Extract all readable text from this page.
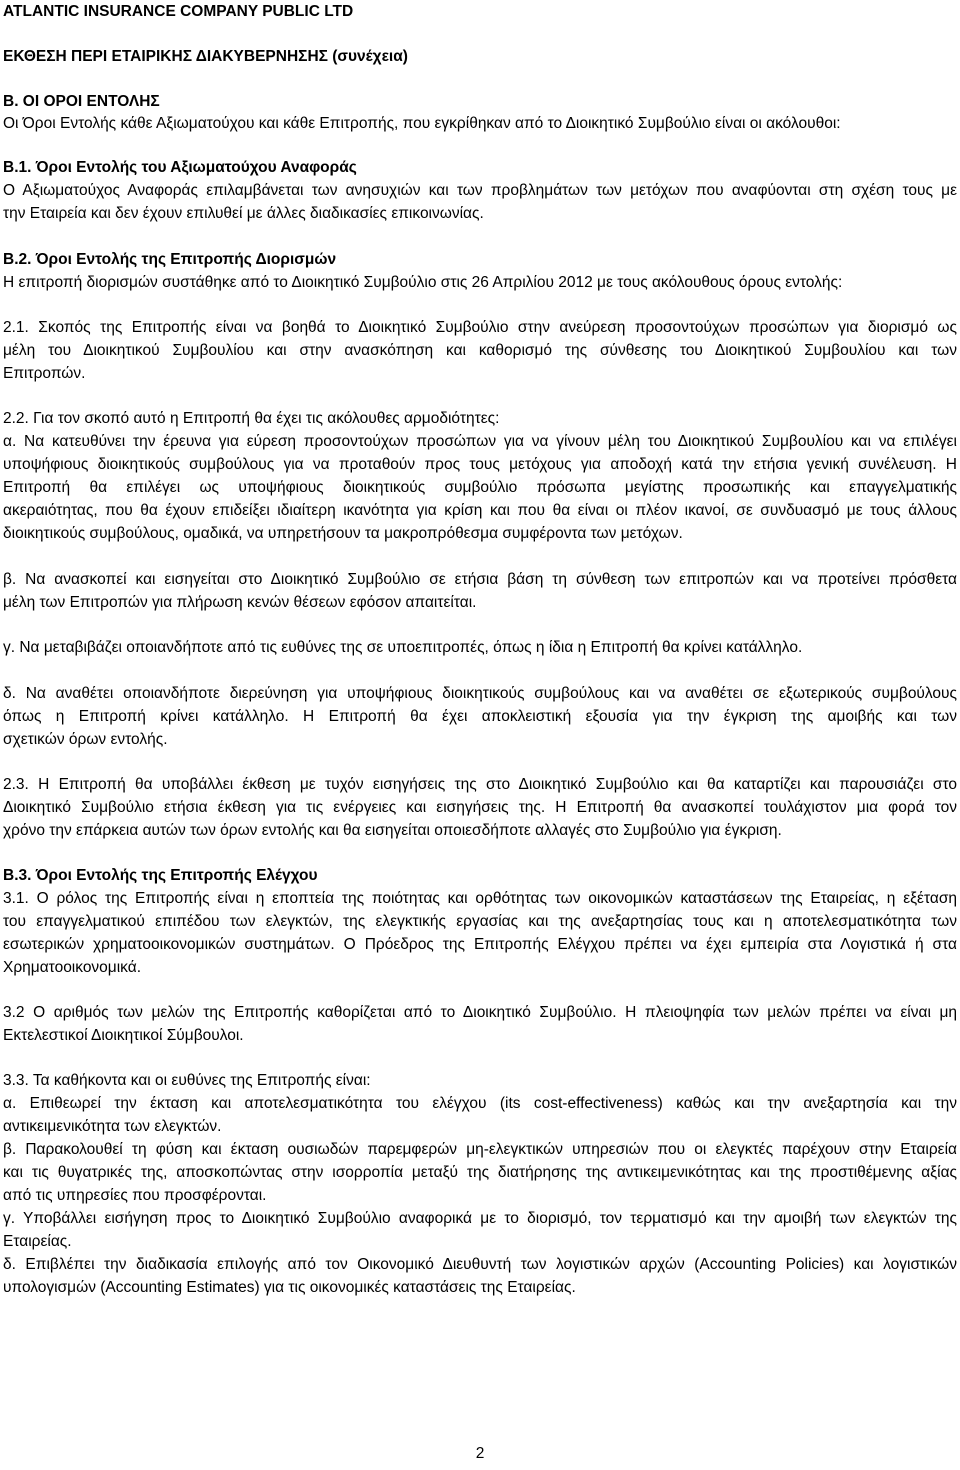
ATLANTIC INSURANCE COMPANY PUBLIC LTD
ΕΚΘΕΣΗ ΠΕΡΙ ΕΤΑΙΡΙΚΗΣ ΔΙΑΚΥΒΕΡΝΗΣΗΣ (συνέχεια)
Β. ΟΙ ΟΡΟΙ ΕΝΤΟΛΗΣ
Οι Όροι Εντολής κάθε Αξιωματούχου και κάθε Επιτροπής, που εγκρίθηκαν από το Διοικητικό Συμβούλιο είναι οι ακόλουθοι:
Β.1. Όροι Εντολής του Αξιωματούχου Αναφοράς
Ο Αξιωματούχος Αναφοράς επιλαμβάνεται των ανησυχιών και των προβλημάτων των μετόχων που αναφύονται στη σχέση τους με
την Εταιρεία και δεν έχουν επιλυθεί με άλλες διαδικασίες επικοινωνίας.
Β.2. Όροι Εντολής της Επιτροπής Διορισμών
Η επιτροπή διορισμών συστάθηκε από το Διοικητικό Συμβούλιο στις 26 Απριλίου 2012 με τους ακόλουθους όρους εντολής:
2.1. Σκοπός της Επιτροπής είναι να βοηθά το Διοικητικό Συμβούλιο στην ανεύρεση προσοντούχων προσώπων για διορισμό ως
μέλη του Διοικητικού Συμβουλίου και στην ανασκόπηση και καθορισμό της σύνθεσης του Διοικητικού Συμβουλίου και των
Επιτροπών.
2.2. Για τον σκοπό αυτό η Επιτροπή θα έχει τις ακόλουθες αρμοδιότητες:
α. Να κατευθύνει την έρευνα για εύρεση προσοντούχων προσώπων για να γίνουν μέλη του Διοικητικού Συμβουλίου και να επιλέγει
υποψήφιους διοικητικούς συμβούλους για να προταθούν προς τους μετόχους για αποδοχή κατά την ετήσια γενική συνέλευση. Η
Επιτροπή θα επιλέγει ως υποψήφιους διοικητικούς συμβούλιο πρόσωπα μεγίστης προσωπικής και επαγγελματικής
ακεραιότητας, που θα έχουν επιδείξει ιδιαίτερη ικανότητα για κρίση και που θα είναι οι πλέον ικανοί, σε συνδυασμό με τους άλλους
διοικητικούς συμβούλους, ομαδικά, να υπηρετήσουν τα μακροπρόθεσμα συμφέροντα των μετόχων.
β. Να ανασκοπεί και εισηγείται στο Διοικητικό Συμβούλιο σε ετήσια βάση τη σύνθεση των επιτροπών και να προτείνει πρόσθετα
μέλη των Επιτροπών για πλήρωση κενών θέσεων εφόσον απαιτείται.
γ. Να μεταβιβάζει οποιανδήποτε από τις ευθύνες της σε υποεπιτροπές, όπως η ίδια η Επιτροπή θα κρίνει κατάλληλο.
δ. Να αναθέτει οποιανδήποτε διερεύνηση για υποψήφιους διοικητικούς συμβούλους και να αναθέτει σε εξωτερικούς συμβούλους
όπως η Επιτροπή κρίνει κατάλληλο. Η Επιτροπή θα έχει αποκλειστική εξουσία για την έγκριση της αμοιβής και των
σχετικών όρων εντολής.
2.3. Η Επιτροπή θα υποβάλλει έκθεση με τυχόν εισηγήσεις της στο Διοικητικό Συμβούλιο και θα καταρτίζει και παρουσιάζει στο
Διοικητικό Συμβούλιο ετήσια έκθεση για τις ενέργειες και εισηγήσεις της. Η Επιτροπή θα ανασκοπεί τουλάχιστον μια φορά τον
χρόνο την επάρκεια αυτών των όρων εντολής και θα εισηγείται οποιεσδήποτε αλλαγές στο Συμβούλιο για έγκριση.
Β.3. Όροι Εντολής της Επιτροπής Ελέγχου
3.1. Ο ρόλος της Επιτροπής είναι η εποπτεία της ποιότητας και ορθότητας των οικονομικών καταστάσεων της Εταιρείας, η εξέταση
του επαγγελματικού επιπέδου των ελεγκτών, της ελεγκτικής εργασίας και της ανεξαρτησίας τους και η αποτελεσματικότητα των
εσωτερικών χρηματοοικονομικών συστημάτων. Ο Πρόεδρος της Επιτροπής Ελέγχου πρέπει να έχει εμπειρία στα Λογιστικά ή στα
Χρηματοοικονομικά.
3.2 Ο αριθμός των μελών της Επιτροπής καθορίζεται από το Διοικητικό Συμβούλιο. Η πλειοψηφία των μελών πρέπει να είναι μη
Εκτελεστικοί Διοικητικοί Σύμβουλοι.
3.3. Τα καθήκοντα και οι ευθύνες της Επιτροπής είναι:
α. Επιθεωρεί την έκταση και αποτελεσματικότητα του ελέγχου (its cost-effectiveness) καθώς και την ανεξαρτησία και την
αντικειμενικότητα των ελεγκτών.
β. Παρακολουθεί τη φύση και έκταση ουσιωδών παρεμφερών μη-ελεγκτικών υπηρεσιών που οι ελεγκτές παρέχουν στην Εταιρεία
και τις θυγατρικές της, αποσκοπώντας στην ισορροπία μεταξύ της διατήρησης της αντικειμενικότητας και της προστιθέμενης αξίας
από τις υπηρεσίες που προσφέρονται.
γ. Υποβάλλει εισήγηση προς το Διοικητικό Συμβούλιο αναφορικά με το διορισμό, τον τερματισμό και την αμοιβή των ελεγκτών της
Εταιρείας.
δ. Επιβλέπει την διαδικασία επιλογής από τον Οικονομικό Διευθυντή των λογιστικών αρχών (Accounting Policies) και λογιστικών
υπολογισμών (Accounting Estimates) για τις οικονομικές καταστάσεις της Εταιρείας.
2
